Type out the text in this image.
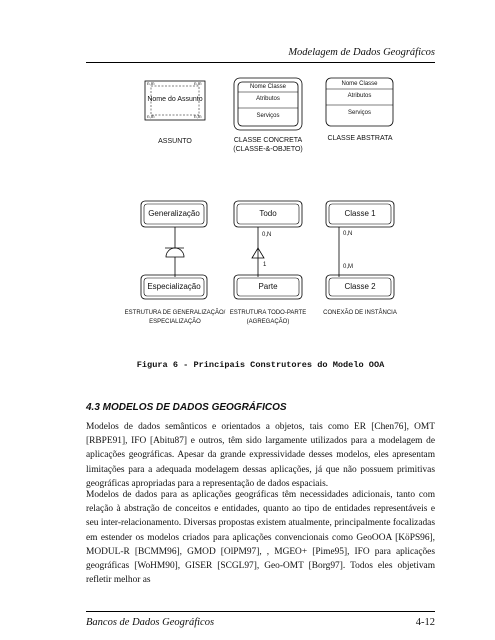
Modelagem de Dados Geográficos
n,m	n,m
n,m	n,m
Nome do Assunto
ASSUNTO
Nome Classe
Atributos
Serviços
CLASSE CONCRETA
(CLASSE-&-OBJETO)
Nome Classe
Atributos
Serviços
CLASSE ABSTRATA
Generalização
Especialização
ESTRUTURA DE GENERALIZAÇÃO/
ESPECIALIZAÇÃO
Todo
Parte
0,N
1
ESTRUTURA TODO-PARTE
(AGREGAÇÃO)
Classe 1
Classe 2
0,N
0,M
CONEXÃO DE INSTÂNCIA
Figura 6 - Principais Construtores do Modelo OOA
4.3 MODELOS DE DADOS GEOGRÁFICOS

Modelos de dados semânticos e orientados a objetos, tais como ER [Chen76], OMT [RBPE91], IFO [Abitu87] e outros, têm sido largamente utilizados para a modelagem de aplicações geográficas. Apesar da grande expressividade desses modelos, eles apresentam limitações para a adequada modelagem dessas aplicações, já que não possuem primitivas geográficas apropriadas para a representação de dados espaciais.

Modelos de dados para as aplicações geográficas têm necessidades adicionais, tanto com relação à abstração de conceitos e entidades, quanto ao tipo de entidades representáveis e seu inter-relacionamento. Diversas propostas existem atualmente, principalmente focalizadas em estender os modelos criados para aplicações convencionais como GeoOOA [KöPS96], MODUL-R [BCMM96], GMOD [OlPM97], , MGEO+ [Pime95], IFO para aplicações geográficas [WoHM90], GISER [SCGL97], Geo-OMT [Borg97]. Todos eles objetivam refletir melhor as

Bancos de Dados Geográficos	4-12
